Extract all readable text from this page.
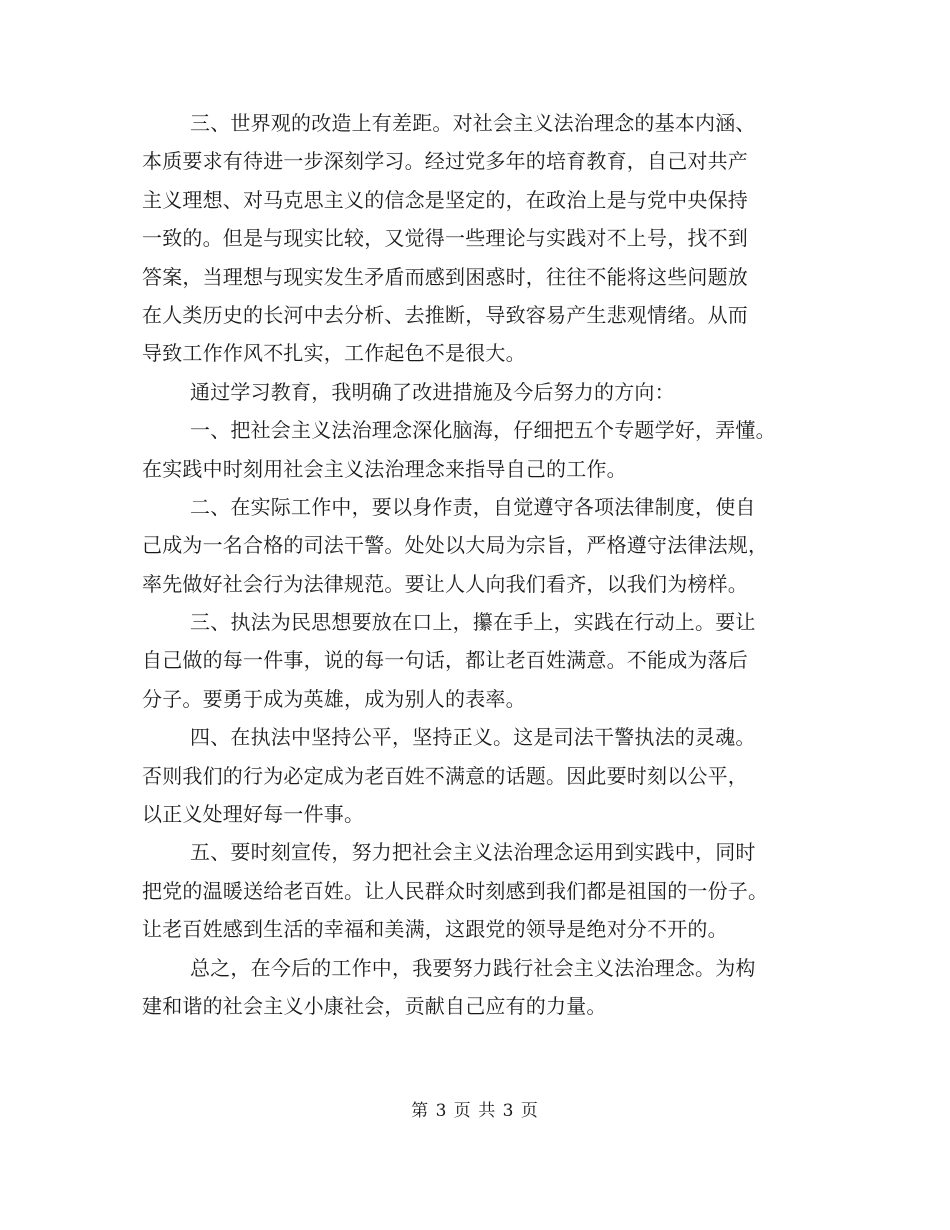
三、世界观的改造上有差距。对社会主义法治理念的基本内涵、
本质要求有待进一步深刻学习。经过党多年的培育教育，自己对共产
主义理想、对马克思主义的信念是坚定的，在政治上是与党中央保持
一致的。但是与现实比较，又觉得一些理论与实践对不上号，找不到
答案，当理想与现实发生矛盾而感到困惑时，往往不能将这些问题放
在人类历史的长河中去分析、去推断，导致容易产生悲观情绪。从而
导致工作作风不扎实，工作起色不是很大。
通过学习教育，我明确了改进措施及今后努力的方向：
一、把社会主义法治理念深化脑海，仔细把五个专题学好，弄懂。
在实践中时刻用社会主义法治理念来指导自己的工作。
二、在实际工作中，要以身作责，自觉遵守各项法律制度，使自
己成为一名合格的司法干警。处处以大局为宗旨，严格遵守法律法规，
率先做好社会行为法律规范。要让人人向我们看齐，以我们为榜样。
三、执法为民思想要放在口上，攥在手上，实践在行动上。要让
自己做的每一件事，说的每一句话，都让老百姓满意。不能成为落后
分子。要勇于成为英雄，成为别人的表率。
四、在执法中坚持公平，坚持正义。这是司法干警执法的灵魂。
否则我们的行为必定成为老百姓不满意的话题。因此要时刻以公平，
以正义处理好每一件事。
五、要时刻宣传，努力把社会主义法治理念运用到实践中，同时
把党的温暖送给老百姓。让人民群众时刻感到我们都是祖国的一份子。
让老百姓感到生活的幸福和美满，这跟党的领导是绝对分不开的。
总之，在今后的工作中，我要努力践行社会主义法治理念。为构
建和谐的社会主义小康社会，贡献自己应有的力量。
第 3 页 共 3 页
